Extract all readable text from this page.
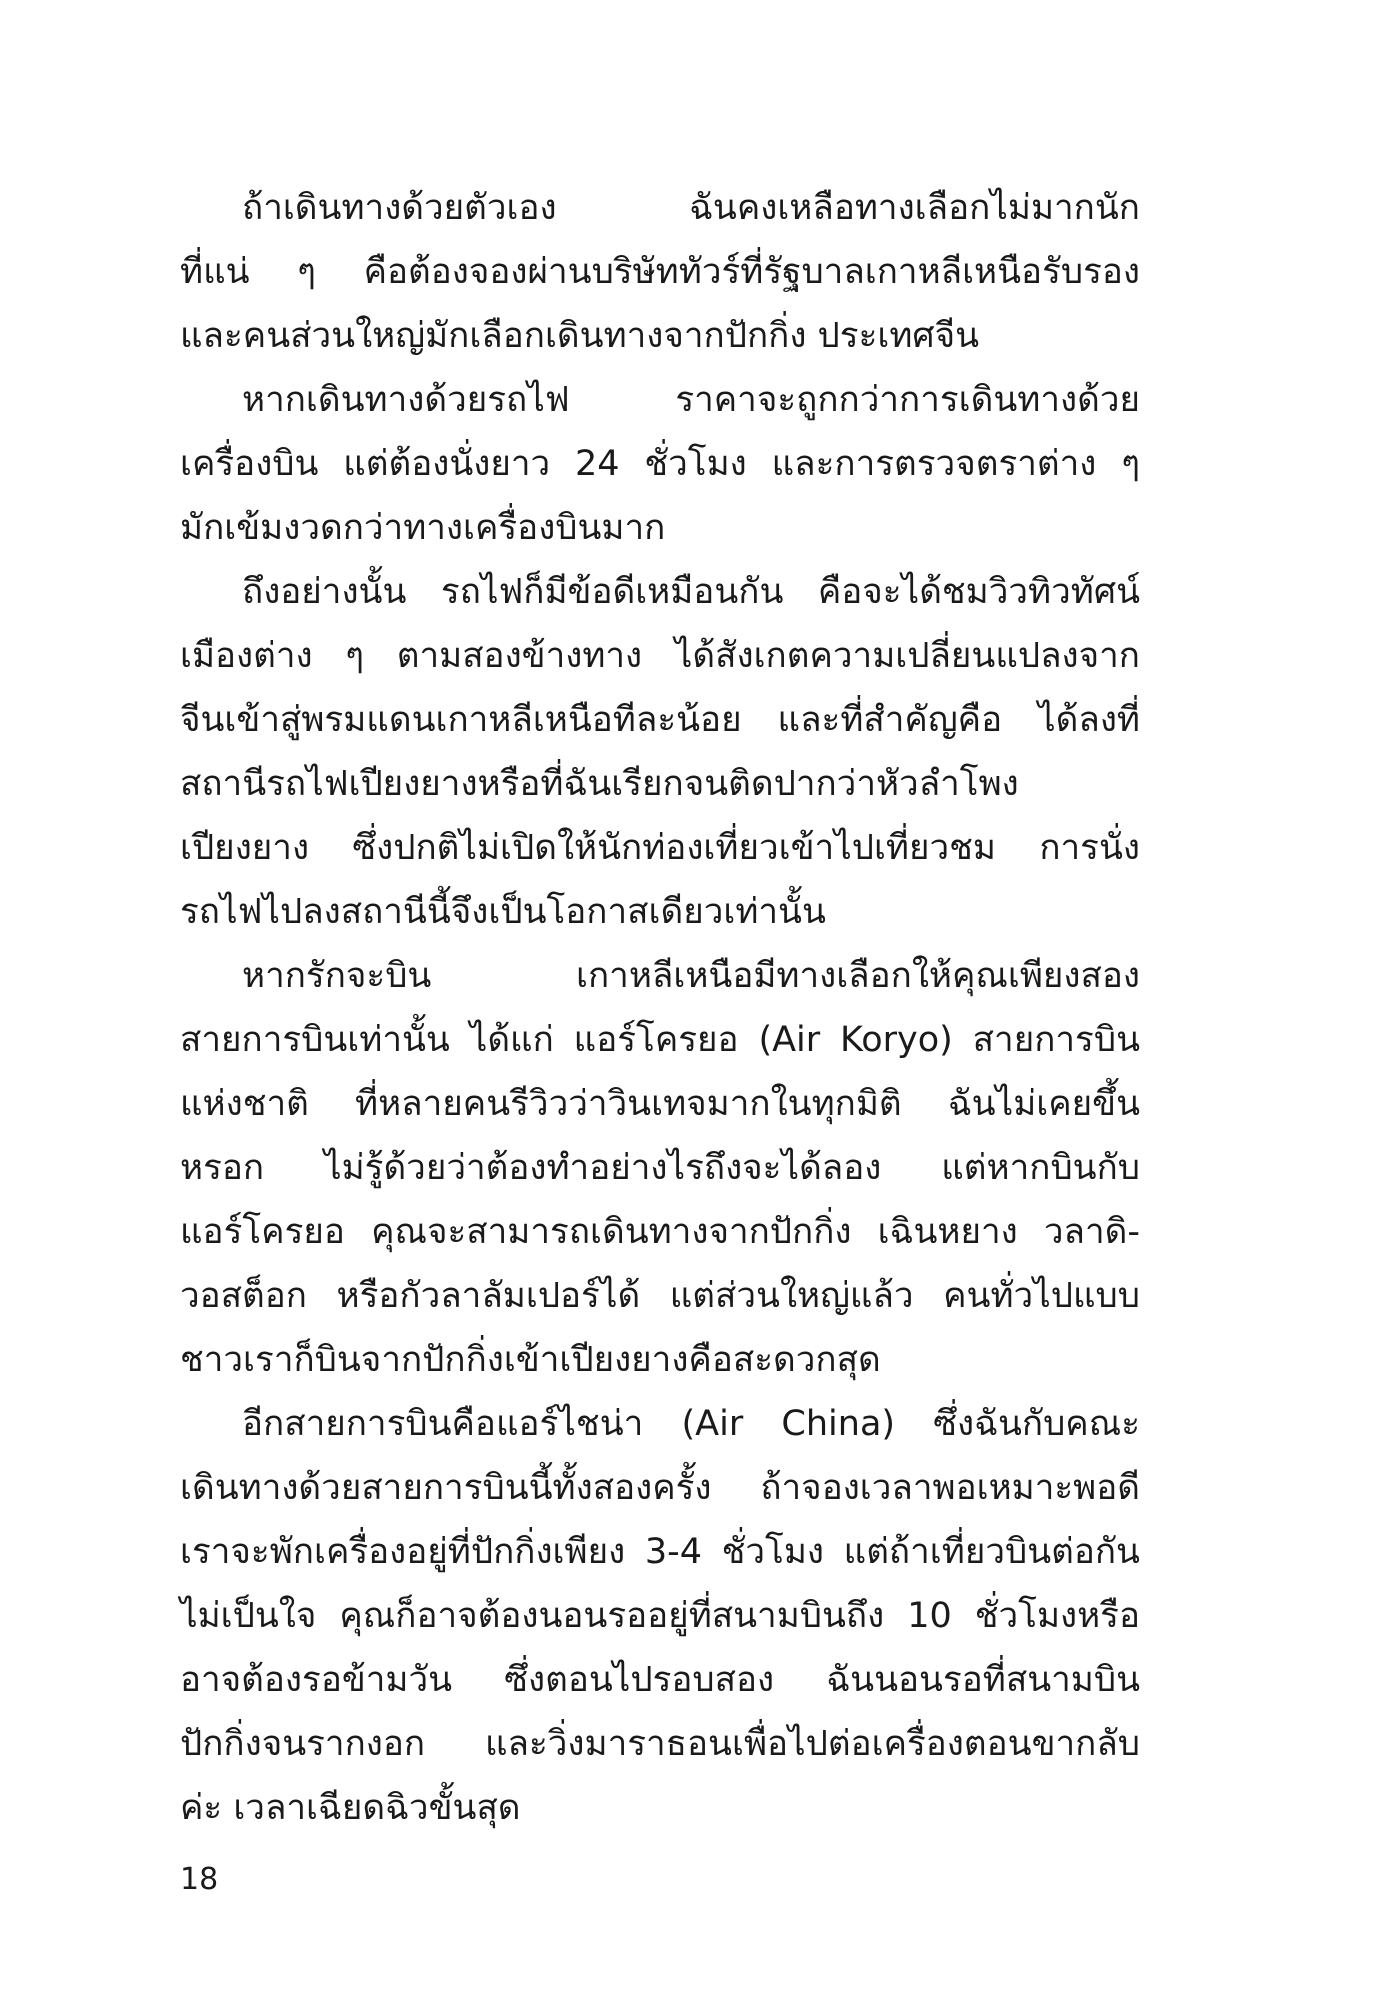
ถ้าเดินทางด้วยตัวเอง ฉันคงเหลือทางเลือกไม่มากนัก
ที่แน่ ๆ คือต้องจองผ่านบริษัททัวร์ที่รัฐบาลเกาหลีเหนือรับรอง
และคนส่วนใหญ่มักเลือกเดินทางจากปักกิ่ง ประเทศจีน
หากเดินทางด้วยรถไฟ ราคาจะถูกกว่าการเดินทางด้วย
เครื่องบิน แต่ต้องนั่งยาว 24 ชั่วโมง และการตรวจตราต่าง ๆ
มักเข้มงวดกว่าทางเครื่องบินมาก
ถึงอย่างนั้น รถไฟก็มีข้อดีเหมือนกัน คือจะได้ชมวิวทิวทัศน์
เมืองต่าง ๆ ตามสองข้างทาง ได้สังเกตความเปลี่ยนแปลงจาก
จีนเข้าสู่พรมแดนเกาหลีเหนือทีละน้อย และที่สำคัญคือ ได้ลงที่
สถานีรถไฟเปียงยางหรือที่ฉันเรียกจนติดปากว่าหัวลำโพง
เปียงยาง ซึ่งปกติไม่เปิดให้นักท่องเที่ยวเข้าไปเที่ยวชม การนั่ง
รถไฟไปลงสถานีนี้จึงเป็นโอกาสเดียวเท่านั้น
หากรักจะบิน เกาหลีเหนือมีทางเลือกให้คุณเพียงสอง
สายการบินเท่านั้น ได้แก่ แอร์โครยอ (Air Koryo) สายการบิน
แห่งชาติ ที่หลายคนรีวิวว่าวินเทจมากในทุกมิติ ฉันไม่เคยขึ้น
หรอก ไม่รู้ด้วยว่าต้องทำอย่างไรถึงจะได้ลอง แต่หากบินกับ
แอร์โครยอ คุณจะสามารถเดินทางจากปักกิ่ง เฉินหยาง วลาดิ-
วอสต็อก หรือกัวลาลัมเปอร์ได้ แต่ส่วนใหญ่แล้ว คนทั่วไปแบบ
ชาวเราก็บินจากปักกิ่งเข้าเปียงยางคือสะดวกสุด
อีกสายการบินคือแอร์ไชน่า (Air China) ซึ่งฉันกับคณะ
เดินทางด้วยสายการบินนี้ทั้งสองครั้ง ถ้าจองเวลาพอเหมาะพอดี
เราจะพักเครื่องอยู่ที่ปักกิ่งเพียง 3-4 ชั่วโมง แต่ถ้าเที่ยวบินต่อกัน
ไม่เป็นใจ คุณก็อาจต้องนอนรออยู่ที่สนามบินถึง 10 ชั่วโมงหรือ
อาจต้องรอข้ามวัน ซึ่งตอนไปรอบสอง ฉันนอนรอที่สนามบิน
ปักกิ่งจนรากงอก และวิ่งมาราธอนเพื่อไปต่อเครื่องตอนขากลับ
ค่ะ เวลาเฉียดฉิวขั้นสุด
18
